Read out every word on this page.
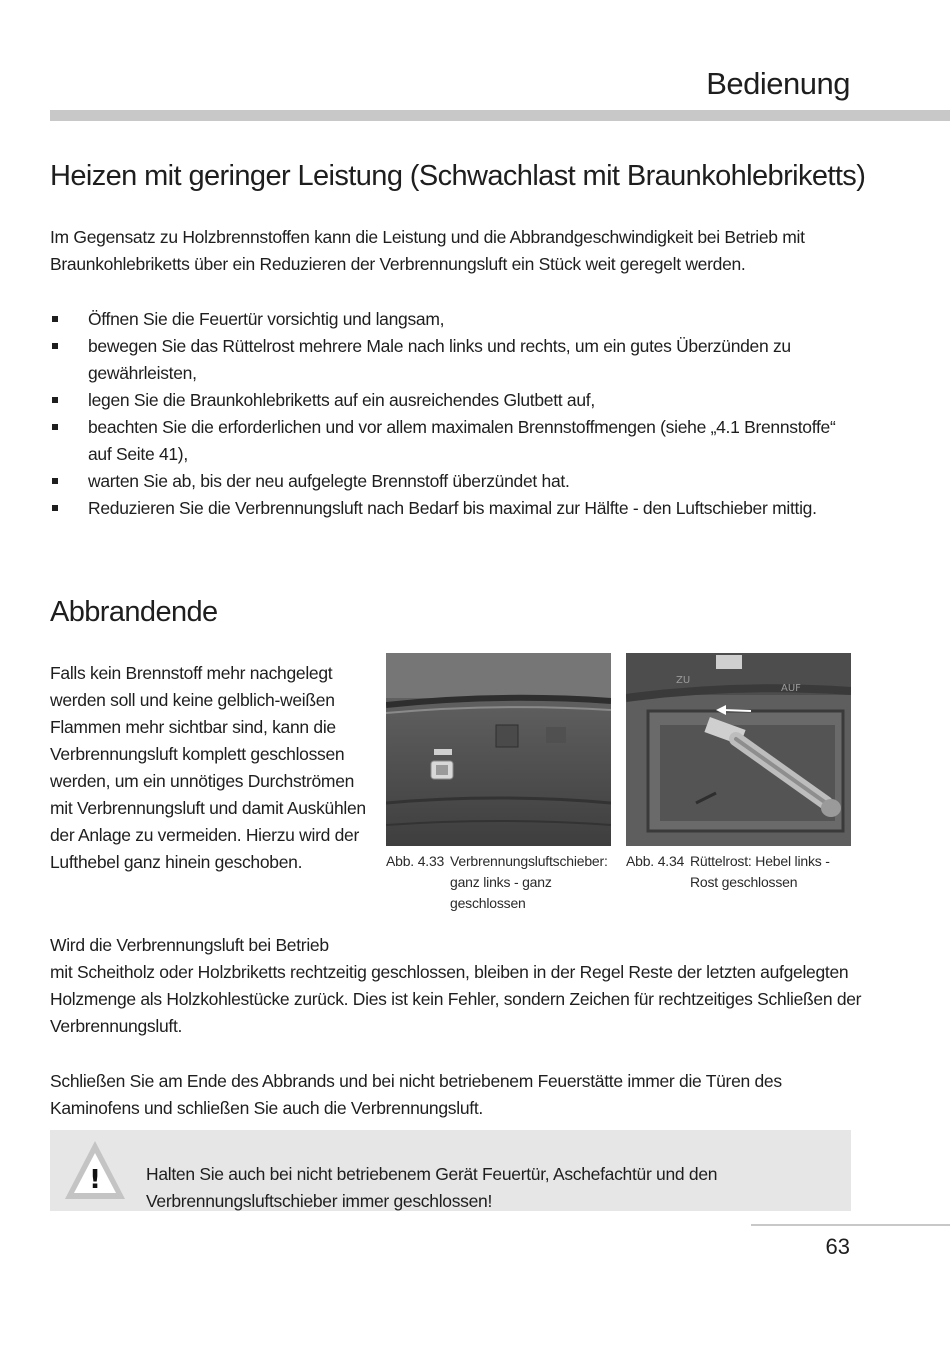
Bedienung
Heizen mit geringer Leistung (Schwachlast mit Braunkohlebriketts)

Im Gegensatz zu Holzbrennstoffen kann die Leistung und die Abbrandgeschwindigkeit bei Betrieb mit Braunkohlebriketts über ein Reduzieren der Verbrennungsluft ein Stück weit geregelt werden.

Öffnen Sie die Feuertür vorsichtig und langsam,
bewegen Sie das Rüttelrost mehrere Male nach links und rechts, um ein gutes Überzünden zu gewährleisten,
legen Sie die Braunkohlebriketts auf ein ausreichendes Glutbett auf,
beachten Sie die erforderlichen und vor allem maximalen Brennstoffmengen (siehe „4.1 Brennstoffe“ auf Seite 41),
warten Sie ab, bis der neu aufgelegte Brennstoff überzündet hat.
Reduzieren Sie die Verbrennungsluft nach Bedarf bis maximal zur Hälfte - den Luftschieber mittig.
Abbrandende

Falls kein Brennstoff mehr nachgelegt werden soll und keine gelblich-weißen Flammen mehr sichtbar sind, kann die Verbrennungsluft komplett geschlossen werden, um ein unnötiges Durchströmen mit Verbrennungsluft und damit Auskühlen der Anlage zu vermeiden. Hierzu wird der Lufthebel ganz hinein geschoben.

ZU
AUF
Abb. 4.33 Verbrennungsluftschieber: ganz links - ganz geschlossen
Abb. 4.34 Rüttelrost: Hebel links - Rost geschlossen

Wird die Verbrennungsluft bei Betrieb

mit Scheitholz oder Holzbriketts rechtzeitig geschlossen, bleiben in der Regel Reste der letzten aufgelegten Holzmenge als Holzkohlestücke zurück. Dies ist kein Fehler, sondern Zeichen für rechtzeitiges Schließen der Verbrennungsluft.

Schließen Sie am Ende des Abbrands und bei nicht betriebenem Feuerstätte immer die Türen des Kaminofens und schließen Sie auch die Verbrennungsluft.

!	Halten Sie auch bei nicht betriebenem Gerät Feuertür, Aschefachtür und den Verbrennungsluftschieber immer geschlossen!

63
